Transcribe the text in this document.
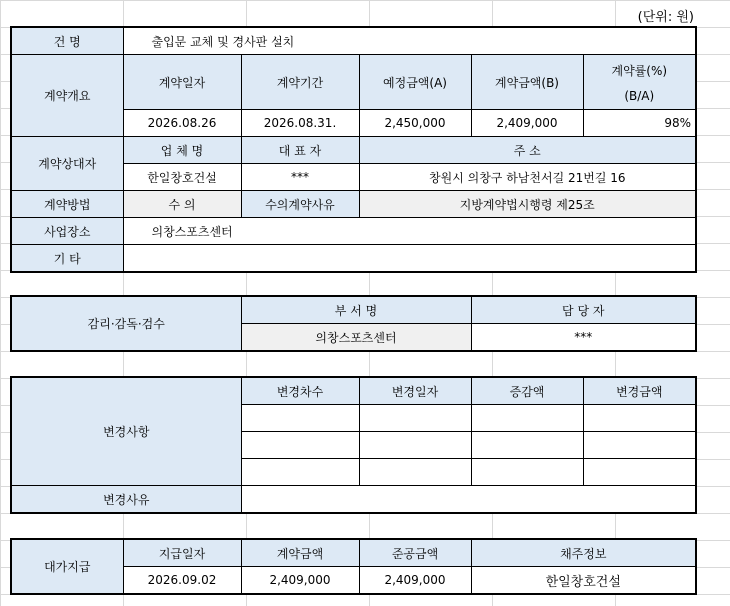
(단위: 원)
건 명	출입문 교체 및 경사판 설치				
계약개요	계약일자	계약기간	예정금액(A)	계약금액(B)	계약률(%)
(B/A)

	2026.08.26	2026.08.31.	2,450,000	2,409,000	98%
계약상대자	업 체 명	대 표 자	주 소		
	한일창호건설	***	창원시 의창구 하남천서길 21번길 16		
계약방법	수 의	수의계약사유	지방계약법시행령 제25조		
사업장소	의창스포츠센터				
기 타					
감리·감독·검수	부 서 명	담 당 자
	의창스포츠센터	***
변경사항	변경차수	변경일자	증감액	변경금액

변경사유				
대가지급	지급일자	계약금액	준공금액	채주정보
	2026.09.02	2,409,000	2,409,000	한일창호건설
